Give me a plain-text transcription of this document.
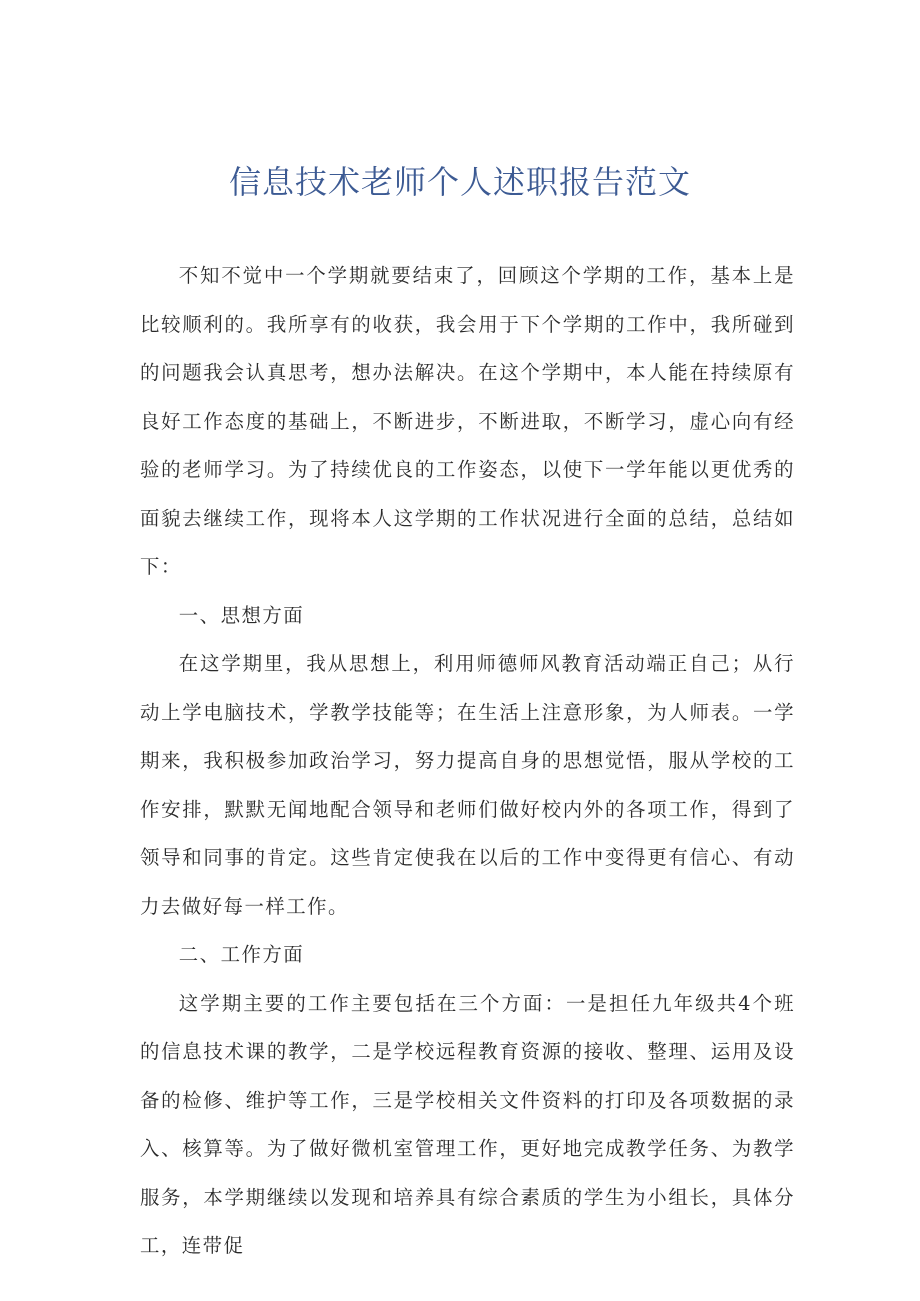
信息技术老师个人述职报告范文

不知不觉中一个学期就要结束了，回顾这个学期的工作，基本上是比较顺利的。我所享有的收获，我会用于下个学期的工作中，我所碰到的问题我会认真思考，想办法解决。在这个学期中，本人能在持续原有良好工作态度的基础上，不断进步，不断进取，不断学习，虚心向有经验的老师学习。为了持续优良的工作姿态，以使下一学年能以更优秀的面貌去继续工作，现将本人这学期的工作状况进行全面的总结，总结如下：

一、思想方面

在这学期里，我从思想上，利用师德师风教育活动端正自己；从行动上学电脑技术，学教学技能等；在生活上注意形象，为人师表。一学期来，我积极参加政治学习，努力提高自身的思想觉悟，服从学校的工作安排，默默无闻地配合领导和老师们做好校内外的各项工作，得到了领导和同事的肯定。这些肯定使我在以后的工作中变得更有信心、有动力去做好每一样工作。

二、工作方面

这学期主要的工作主要包括在三个方面：一是担任九年级共4个班的信息技术课的教学，二是学校远程教育资源的接收、整理、运用及设备的检修、维护等工作，三是学校相关文件资料的打印及各项数据的录入、核算等。为了做好微机室管理工作，更好地完成教学任务、为教学服务，本学期继续以发现和培养具有综合素质的学生为小组长，具体分工，连带促
